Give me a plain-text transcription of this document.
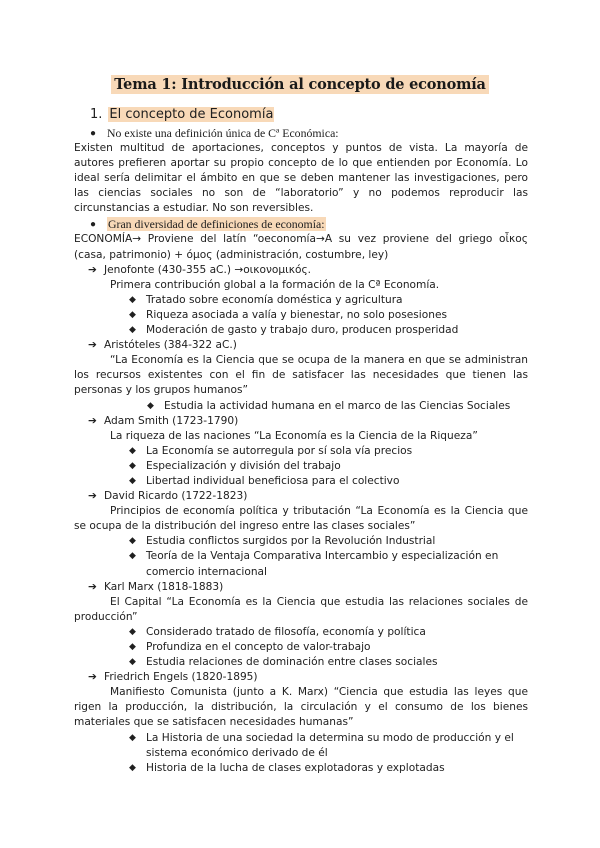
Tema 1: Introducción al concepto de economía
1. El concepto de Economía
● No existe una definición única de Cª Económica:
Existen multitud de aportaciones, conceptos y puntos de vista. La mayoría de autores prefieren aportar su propio concepto de lo que entienden por Economía. Lo ideal sería delimitar el ámbito en que se deben mantener las investigaciones, pero las ciencias sociales no son de “laboratorio” y no podemos reproducir las circunstancias a estudiar. No son reversibles.
● Gran diversidad de definiciones de economía:
ECONOMÍA→ Proviene del latín “oeconomía→A su vez proviene del griego οἶκος (casa, patrimonio) + όμος (administración, costumbre, ley)
➔ Jenofonte (430-355 aC.) →οικονομικός.
Primera contribución global a la formación de la Cª Economía.
◆ Tratado sobre economía doméstica y agricultura
◆ Riqueza asociada a valía y bienestar, no solo posesiones
◆ Moderación de gasto y trabajo duro, producen prosperidad
➔ Aristóteles (384-322 aC.)
“La Economía es la Ciencia que se ocupa de la manera en que se administran los recursos existentes con el fin de satisfacer las necesidades que tienen las personas y los grupos humanos”
◆ Estudia la actividad humana en el marco de las Ciencias Sociales
➔ Adam Smith (1723-1790)
La riqueza de las naciones “La Economía es la Ciencia de la Riqueza”
◆ La Economía se autorregula por sí sola vía precios
◆ Especialización y división del trabajo
◆ Libertad individual beneficiosa para el colectivo
➔ David Ricardo (1722-1823)
Principios de economía política y tributación “La Economía es la Ciencia que se ocupa de la distribución del ingreso entre las clases sociales”
◆ Estudia conflictos surgidos por la Revolución Industrial
◆ Teoría de la Ventaja Comparativa Intercambio y especialización en comercio internacional
➔ Karl Marx (1818-1883)
El Capital “La Economía es la Ciencia que estudia las relaciones sociales de producción”
◆ Considerado tratado de filosofía, economía y política
◆ Profundiza en el concepto de valor-trabajo
◆ Estudia relaciones de dominación entre clases sociales
➔ Friedrich Engels (1820-1895)
Manifiesto Comunista (junto a K. Marx) “Ciencia que estudia las leyes que rigen la producción, la distribución, la circulación y el consumo de los bienes materiales que se satisfacen necesidades humanas”
◆ La Historia de una sociedad la determina su modo de producción y el sistema económico derivado de él
◆ Historia de la lucha de clases explotadoras y explotadas
